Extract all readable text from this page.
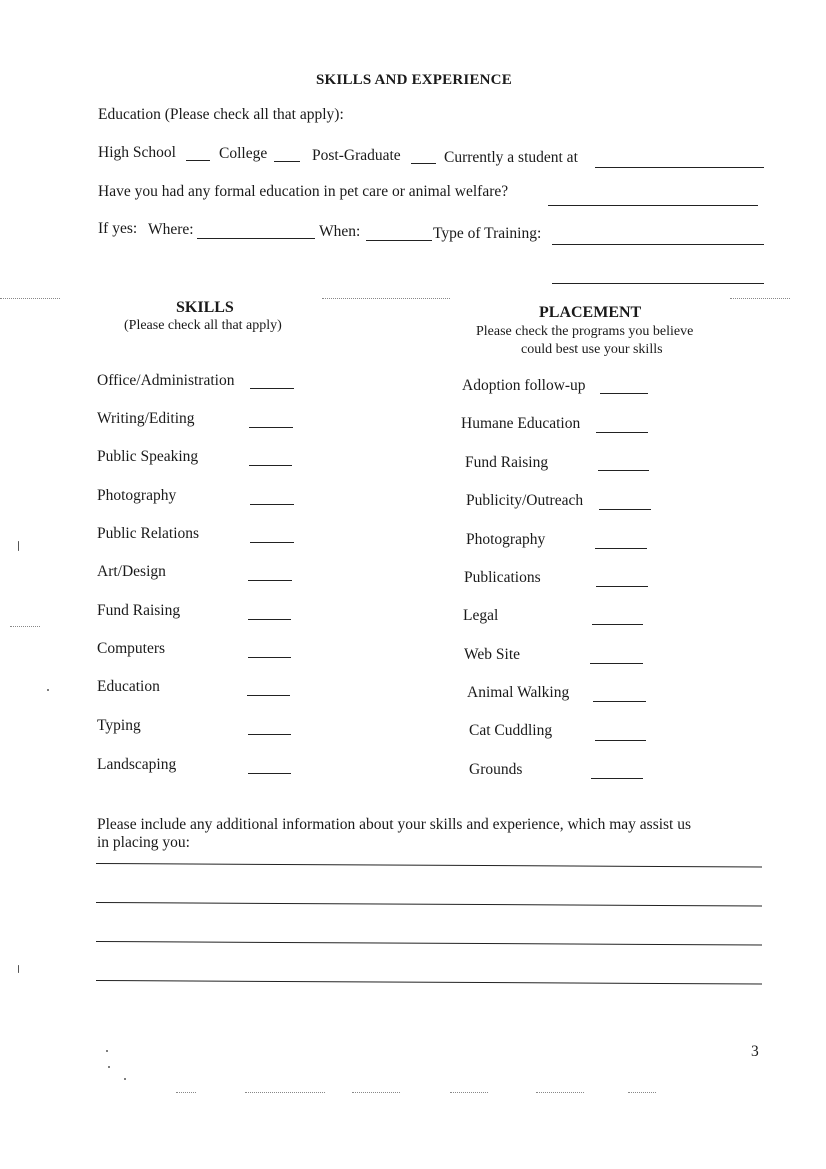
SKILLS AND EXPERIENCE
Education (Please check all that apply):
High School	College	Post-Graduate	Currently a student at
Have you had any formal education in pet care or animal welfare?
If yes: Where:	When:	Type of Training:
SKILLS
(Please check all that apply)
PLACEMENT
Please check the programs you believe
could best use your skills
Office/Administration
Writing/Editing
Public Speaking
Photography
Public Relations
Art/Design
Fund Raising
Computers
Education
Typing
Landscaping
Adoption follow-up
Humane Education
Fund Raising
Publicity/Outreach
Photography
Publications
Legal
Web Site
Animal Walking
Cat Cuddling
Grounds
Please include any additional information about your skills and experience, which may assist us
in placing you:
3
